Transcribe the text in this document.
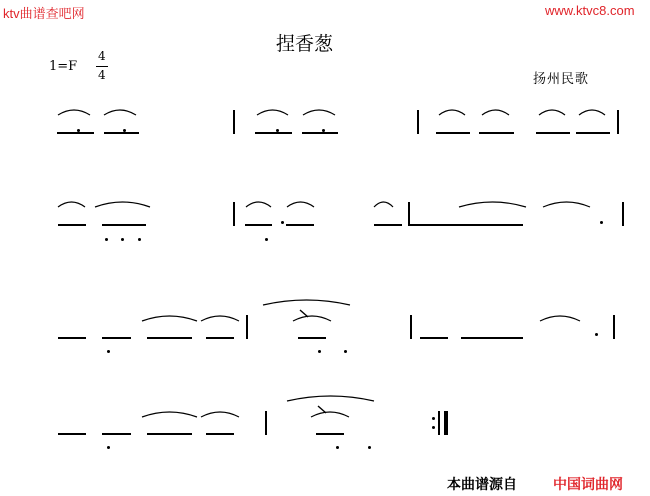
ktv曲谱查吧网	www.ktvc8.com
捏香葱
1=F
4
4	扬州民歌
本曲谱源自	中国词曲网
